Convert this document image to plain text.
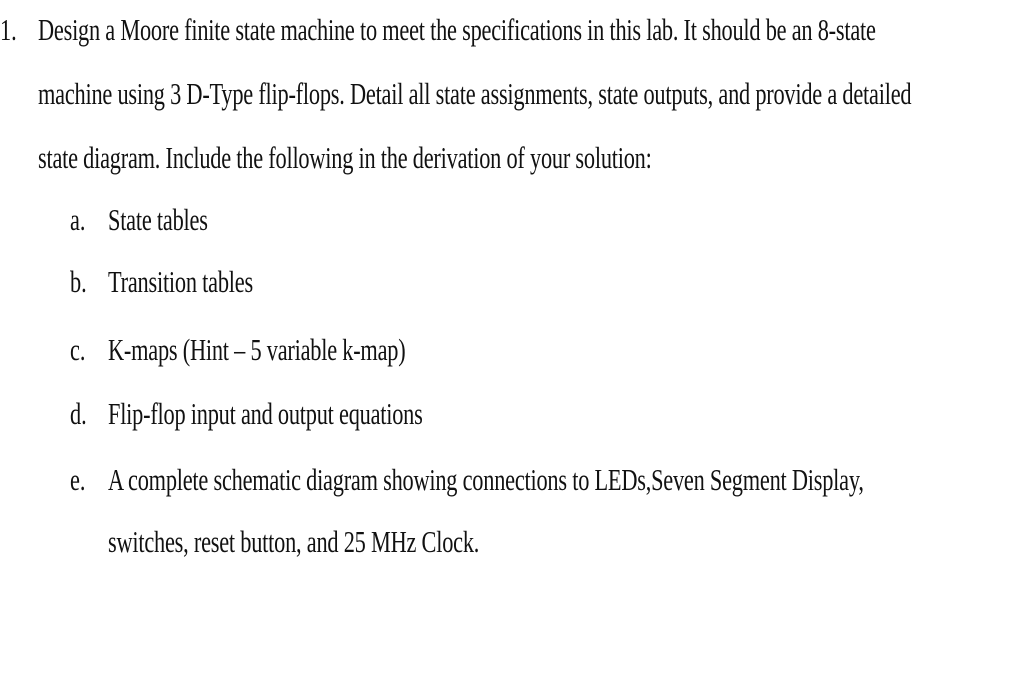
1. Design a Moore finite state machine to meet the specifications in this lab. It should be an 8-state
machine using 3 D-Type flip-flops. Detail all state assignments, state outputs, and provide a detailed
state diagram. Include the following in the derivation of your solution:
a. State tables
b. Transition tables
c. K-maps (Hint – 5 variable k-map)
d. Flip-flop input and output equations
e. A complete schematic diagram showing connections to LEDs,Seven Segment Display,
switches, reset button, and 25 MHz Clock.
